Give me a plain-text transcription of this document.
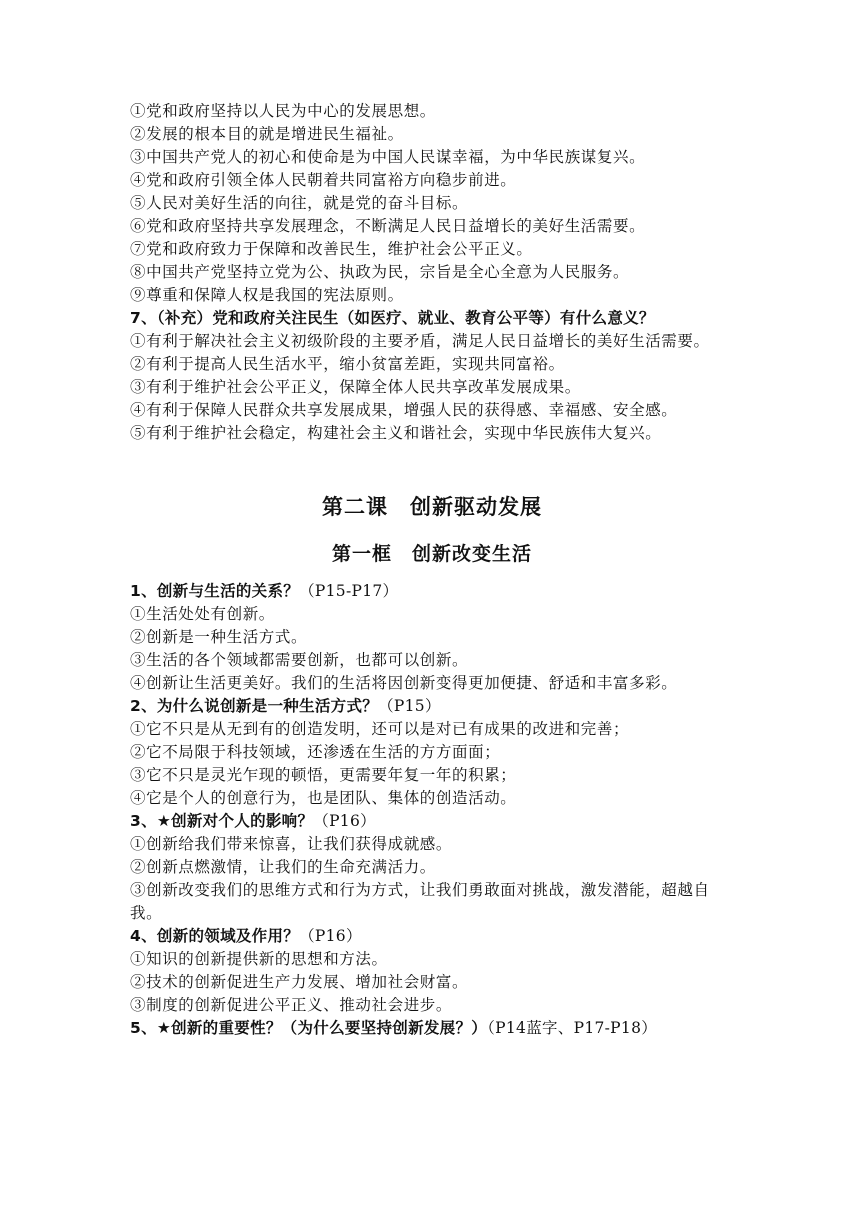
①党和政府坚持以人民为中心的发展思想。
②发展的根本目的就是增进民生福祉。
③中国共产党人的初心和使命是为中国人民谋幸福，为中华民族谋复兴。
④党和政府引领全体人民朝着共同富裕方向稳步前进。
⑤人民对美好生活的向往，就是党的奋斗目标。
⑥党和政府坚持共享发展理念，不断满足人民日益增长的美好生活需要。
⑦党和政府致力于保障和改善民生，维护社会公平正义。
⑧中国共产党坚持立党为公、执政为民，宗旨是全心全意为人民服务。
⑨尊重和保障人权是我国的宪法原则。
7、（补充）党和政府关注民生（如医疗、就业、教育公平等）有什么意义？
①有利于解决社会主义初级阶段的主要矛盾，满足人民日益增长的美好生活需要。
②有利于提高人民生活水平，缩小贫富差距，实现共同富裕。
③有利于维护社会公平正义，保障全体人民共享改革发展成果。
④有利于保障人民群众共享发展成果，增强人民的获得感、幸福感、安全感。
⑤有利于维护社会稳定，构建社会主义和谐社会，实现中华民族伟大复兴。
第二课　创新驱动发展
第一框　创新改变生活
1、创新与生活的关系？（P15-P17）
①生活处处有创新。
②创新是一种生活方式。
③生活的各个领域都需要创新，也都可以创新。
④创新让生活更美好。我们的生活将因创新变得更加便捷、舒适和丰富多彩。
2、为什么说创新是一种生活方式？（P15）
①它不只是从无到有的创造发明，还可以是对已有成果的改进和完善；
②它不局限于科技领域，还渗透在生活的方方面面；
③它不只是灵光乍现的顿悟，更需要年复一年的积累；
④它是个人的创意行为，也是团队、集体的创造活动。
3、★创新对个人的影响？（P16）
①创新给我们带来惊喜，让我们获得成就感。
②创新点燃激情，让我们的生命充满活力。
③创新改变我们的思维方式和行为方式，让我们勇敢面对挑战，激发潜能，超越自我。
4、创新的领域及作用？（P16）
①知识的创新提供新的思想和方法。
②技术的创新促进生产力发展、增加社会财富。
③制度的创新促进公平正义、推动社会进步。
5、★创新的重要性？（为什么要坚持创新发展？）（P14蓝字、P17-P18）
